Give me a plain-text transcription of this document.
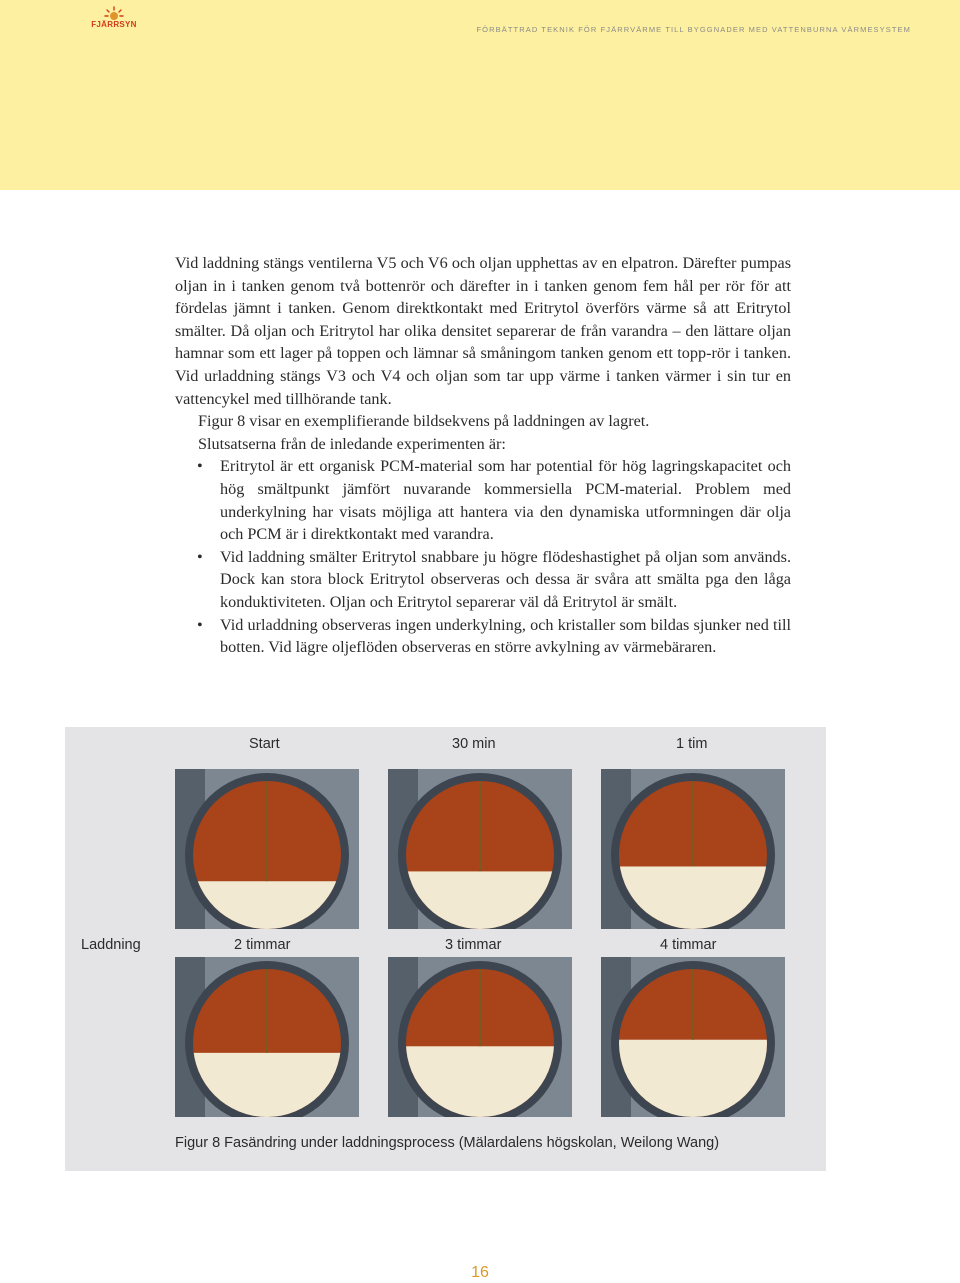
FJÄRRSYN
FÖRBÄTTRAD TEKNIK FÖR FJÄRRVÄRME TILL BYGGNADER MED VATTENBURNA VÄRMESYSTEM

Vid laddning stängs ventilerna V5 och V6 och oljan upphettas av en elpatron. Därefter pumpas oljan in i tanken genom två bottenrör och därefter in i tanken genom fem hål per rör för att fördelas jämnt i tanken. Genom direktkontakt med Eritrytol överförs värme så att Eritrytol smälter. Då oljan och Eritrytol har olika densitet separerar de från varandra – den lättare oljan hamnar som ett lager på toppen och lämnar så småningom tanken genom ett topp-rör i tanken. Vid urladdning stängs V3 och V4 och oljan som tar upp värme i tanken värmer i sin tur en vattencykel med tillhörande tank.

Figur 8 visar en exemplifierande bildsekvens på laddningen av lagret.

Slutsatserna från de inledande experimenten är:

• Eritrytol är ett organisk PCM-material som har potential för hög lagringskapacitet och hög smältpunkt jämfört nuvarande kommersiella PCM-material. Problem med underkylning har visats möjliga att hantera via den dynamiska utformningen där olja och PCM är i direktkontakt med varandra.
• Vid laddning smälter Eritrytol snabbare ju högre flödeshastighet på oljan som används. Dock kan stora block Eritrytol observeras och dessa är svåra att smälta pga den låga konduktiviteten. Oljan och Eritrytol separerar väl då Eritrytol är smält.
• Vid urladdning observeras ingen underkylning, och kristaller som bildas sjunker ned till botten. Vid lägre oljeflöden observeras en större avkylning av värmebäraren.
Start	30 min	1 tim
Laddning	2 timmar	3 timmar	4 timmar
Figur 8 Fasändring under laddningsprocess (Mälardalens högskolan, Weilong Wang)
16
